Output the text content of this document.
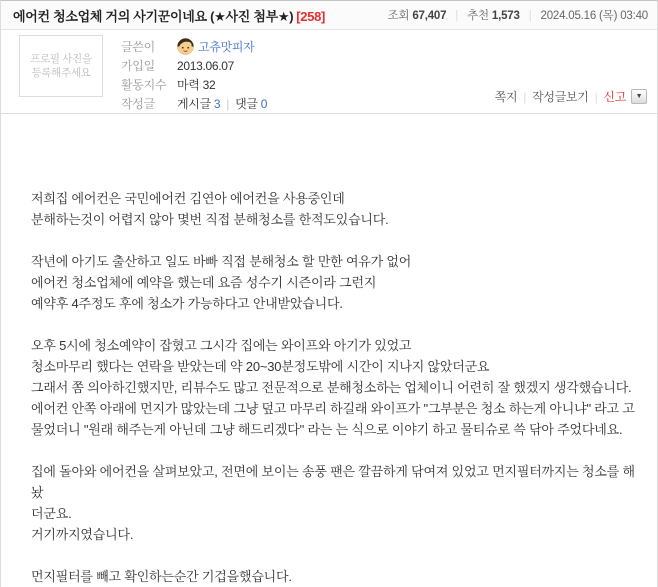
에어컨 청소업체 거의 사기꾼이네요 (★사진 첨부★) [258]	조회 67,407 | 추천 1,573 | 2024.05.16 (목) 03:40
프로필 사진을
등록해주세요
글쓴이	고츄맛피자
가입일	2013.06.07
활동지수 마력 32
작성글	게시글 3 | 댓글 0	쪽지 | 작성글보기 | 신고 ▼
저희집 에어컨은 국민에어컨 김연아 에어컨을 사용중인데
분해하는것이 어렵지 않아 몇번 직접 분해청소를 한적도있습니다.
작년에 아기도 출산하고 일도 바빠 직접 분해청소 할 만한 여유가 없어
에어컨 청소업체에 예약을 했는데 요즘 성수기 시즌이라 그런지
예약후 4주정도 후에 청소가 가능하다고 안내받았습니다.
오후 5시에 청소예약이 잡혔고 그시각 집에는 와이프와 아기가 있었고
청소마무리 했다는 연락을 받았는데 약 20~30분정도밖에 시간이 지나지 않았더군요
그래서 쫌 의아하긴했지만, 리뷰수도 많고 전문적으로 분해청소하는 업체이니 어련히 잘 했겠지 생각했습니다.
에어컨 안쪽 아래에 먼지가 많았는데 그냥 덮고 마무리 하길래 와이프가 "그부분은 청소 하는게 아니냐" 라고 고
물었더니 "원래 해주는게 아닌데 그냥 해드리겠다" 라는 는 식으로 이야기 하고 물티슈로 쓱 닦아 주었다네요.
집에 돌아와 에어컨을 살펴보았고, 전면에 보이는 송풍 팬은 깔끔하게 닦여져 있었고 먼지필터까지는 청소를 해놨
더군요.
거기까지였습니다.
먼지필터를 빼고 확인하는순간 기겁을했습니다.
